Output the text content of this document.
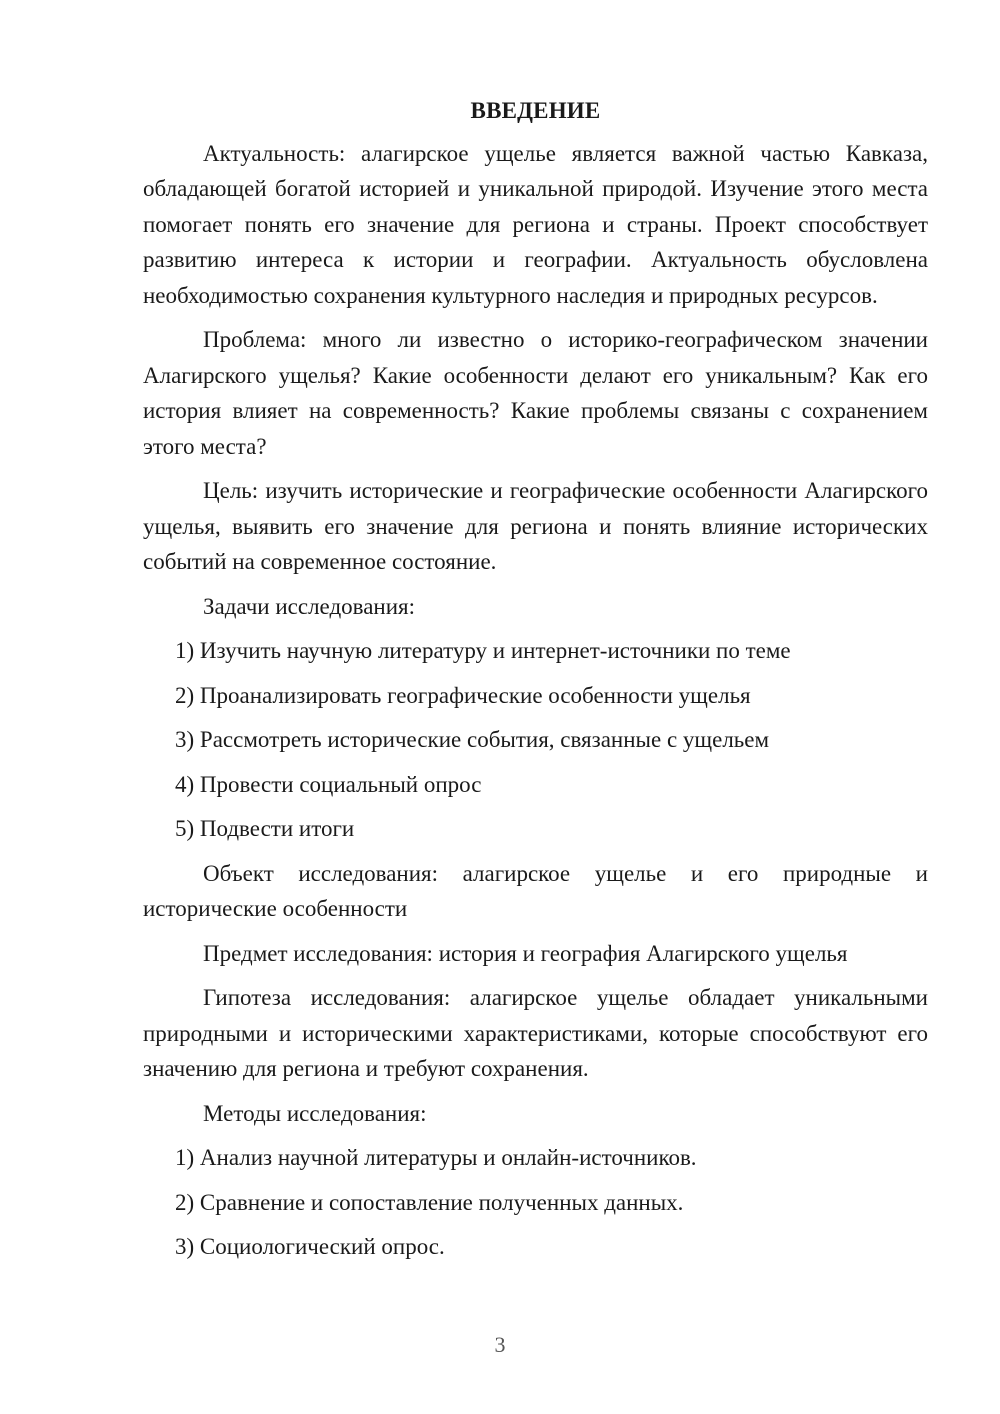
ВВЕДЕНИЕ

Актуальность: алагирское ущелье является важной частью Кавказа, обладающей богатой историей и уникальной природой. Изучение этого места помогает понять его значение для региона и страны. Проект способствует развитию интереса к истории и географии. Актуальность обусловлена необходимостью сохранения культурного наследия и природных ресурсов.

Проблема: много ли известно о историко-географическом значении Алагирского ущелья? Какие особенности делают его уникальным? Как его история влияет на современность? Какие проблемы связаны с сохранением этого места?

Цель: изучить исторические и географические особенности Алагирского ущелья, выявить его значение для региона и понять влияние исторических событий на современное состояние.

Задачи исследования:

1) Изучить научную литературу и интернет-источники по теме
2) Проанализировать географические особенности ущелья
3) Рассмотреть исторические события, связанные с ущельем
4) Провести социальный опрос
5) Подвести итоги

Объект исследования: алагирское ущелье и его природные и исторические особенности

Предмет исследования: история и география Алагирского ущелья

Гипотеза исследования: алагирское ущелье обладает уникальными природными и историческими характеристиками, которые способствуют его значению для региона и требуют сохранения.

Методы исследования:

1) Анализ научной литературы и онлайн-источников.
2) Сравнение и сопоставление полученных данных.
3) Социологический опрос.
3
